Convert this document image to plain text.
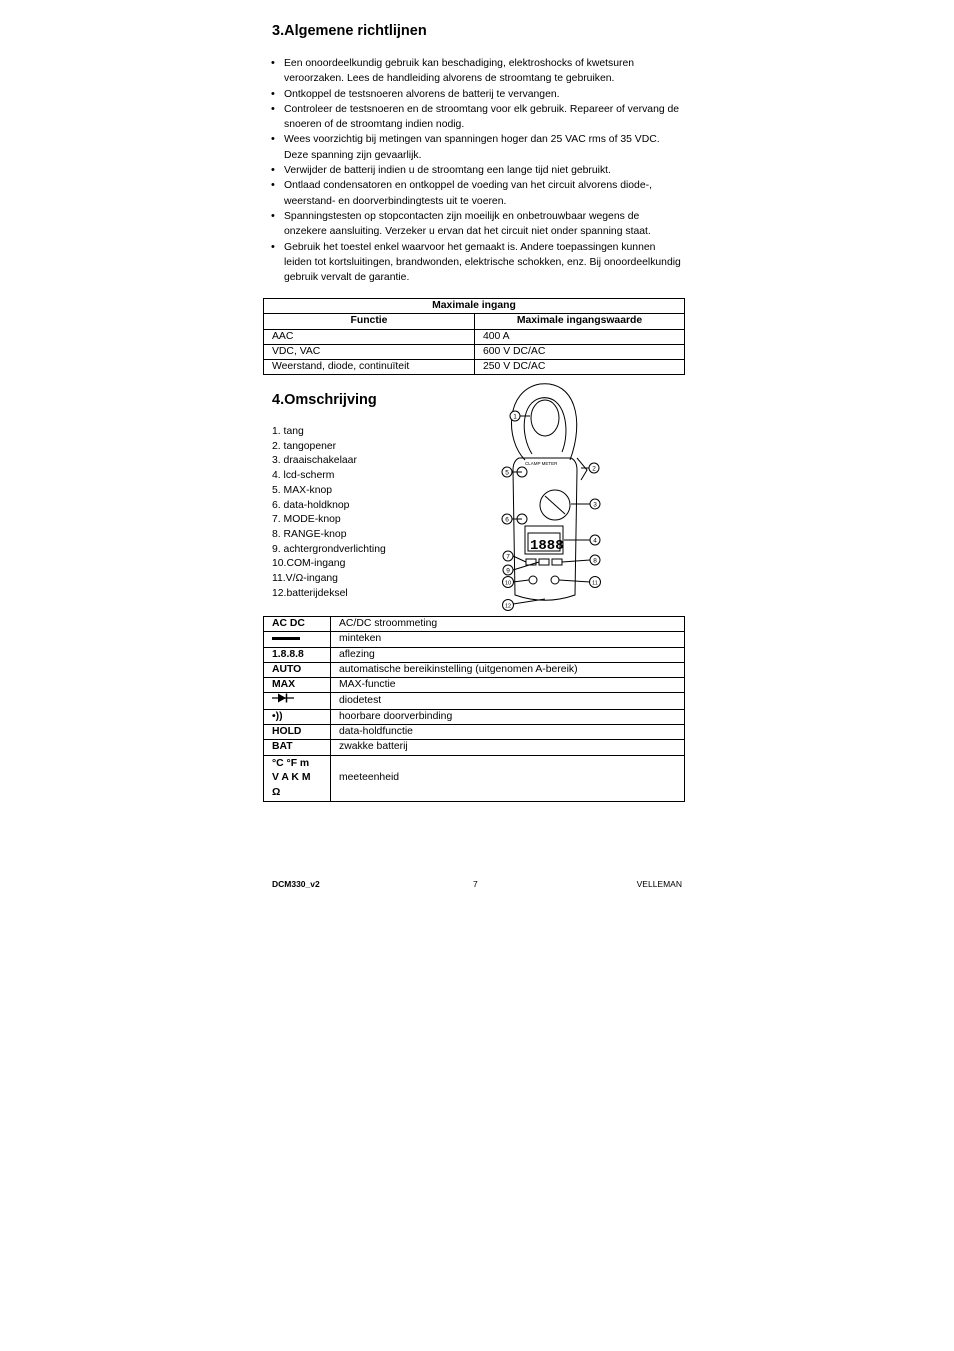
3.Algemene richtlijnen
• Een onoordeelkundig gebruik kan beschadiging, elektroshocks of kwetsuren veroorzaken. Lees de handleiding alvorens de stroomtang te gebruiken.
• Ontkoppel de testsnoeren alvorens de batterij te vervangen.
• Controleer de testsnoeren en de stroomtang voor elk gebruik. Repareer of vervang de snoeren of de stroomtang indien nodig.
• Wees voorzichtig bij metingen van spanningen hoger dan 25 VAC rms of 35 VDC. Deze spanning zijn gevaarlijk.
• Verwijder de batterij indien u de stroomtang een lange tijd niet gebruikt.
• Ontlaad condensatoren en ontkoppel de voeding van het circuit alvorens diode-, weerstand- en doorverbindingtests uit te voeren.
• Spanningstesten op stopcontacten zijn moeilijk en onbetrouwbaar wegens de onzekere aansluiting. Verzeker u ervan dat het circuit niet onder spanning staat.
• Gebruik het toestel enkel waarvoor het gemaakt is. Andere toepassingen kunnen leiden tot kortsluitingen, brandwonden, elektrische schokken, enz. Bij onoordeelkundig gebruik vervalt de garantie.
Maximale ingang	
Functie	Maximale ingangswaarde
AAC	400 A
VDC, VAC	600 V DC/AC
Weerstand, diode, continuïteit	250 V DC/AC
4.Omschrijving
1. tang
2. tangopener
3. draaischakelaar
4. lcd-scherm
5. MAX-knop
6. data-holdknop
7. MODE-knop
8. RANGE-knop
9. achtergrondverlichting
10.COM-ingang
11.V/Ω-ingang
12.batterijdeksel
CLAMP METER
1888
1
2
3
4
5
6
7
8
9
10	11
12
AC DC	AC/DC stroommeting
	minteken
1.8.8.8	aflezing
AUTO	automatische bereikinstelling (uitgenomen A-bereik)
MAX	MAX-functie
	diodetest
•))	hoorbare doorverbinding
HOLD	data-holdfunctie
BAT	zwakke batterij

°C °F m
V A K M
Ω	meeteenheid
DCM330_v2	7	VELLEMAN
